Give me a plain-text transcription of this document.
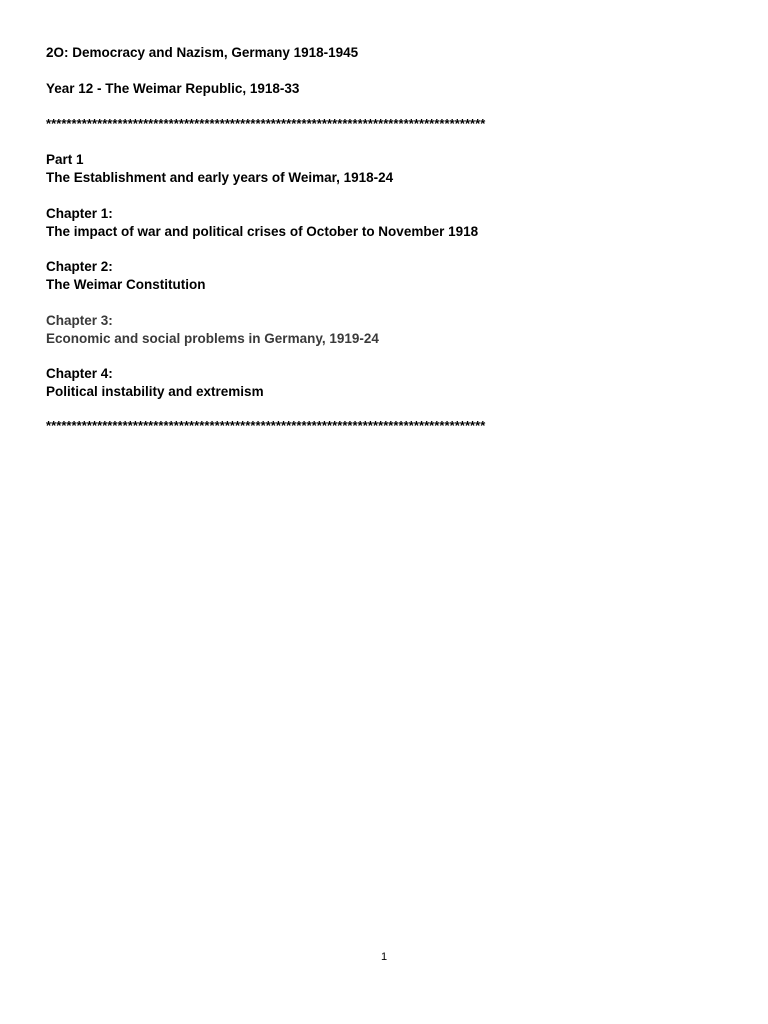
2O: Democracy and Nazism, Germany 1918-1945
Year 12 - The Weimar Republic, 1918-33
**************************************************************************************
Part 1
The Establishment and early years of Weimar, 1918-24
Chapter 1:
The impact of war and political crises of October to November 1918
Chapter 2:
The Weimar Constitution
Chapter 3:
Economic and social problems in Germany, 1919-24
Chapter 4:
Political instability and extremism
**************************************************************************************
1
